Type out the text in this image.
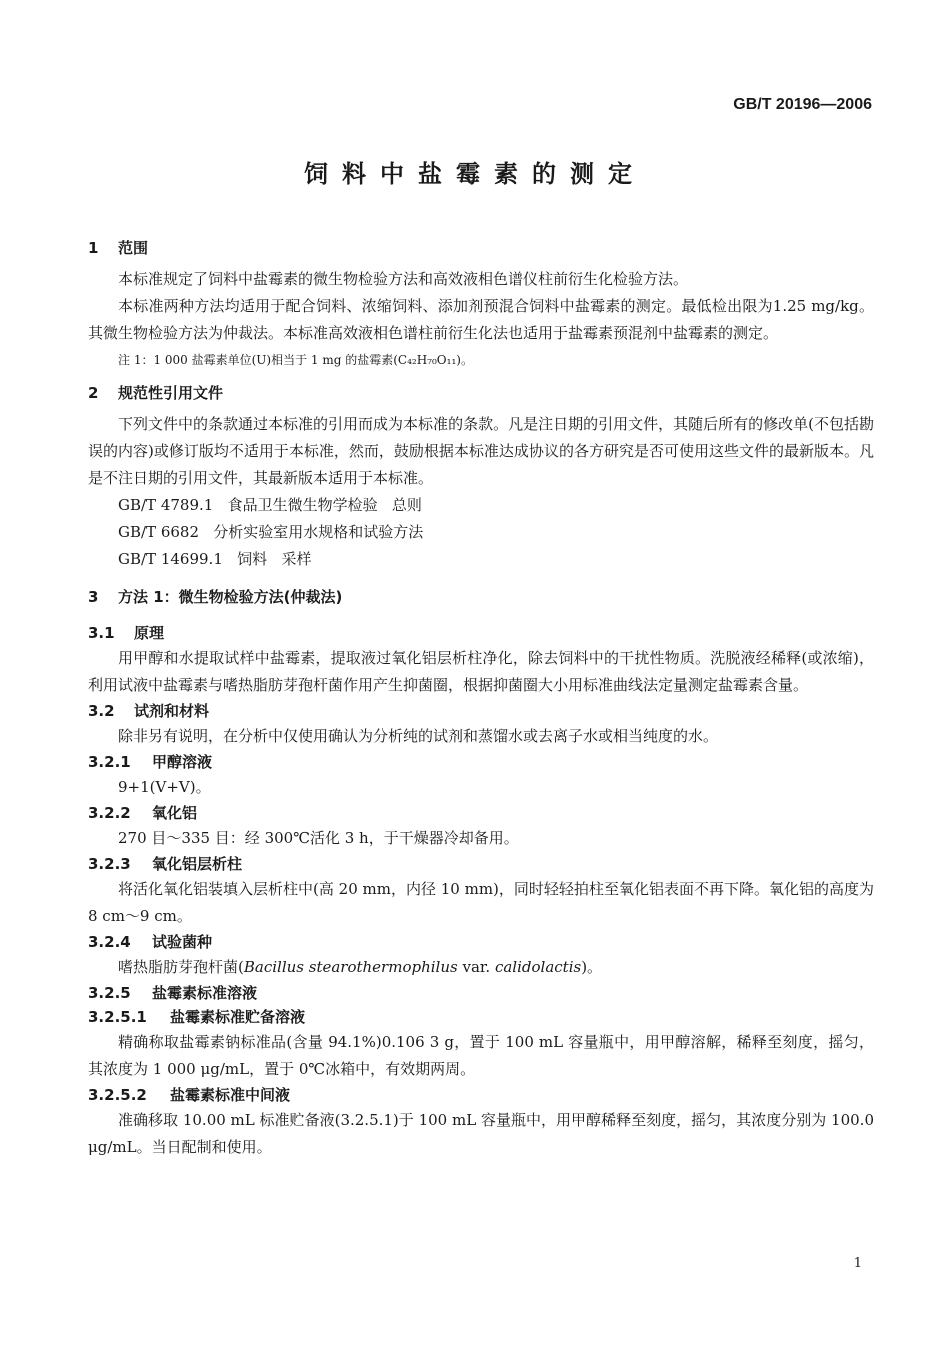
GB/T 20196—2006
饲料中盐霉素的测定
1 范围

本标准规定了饲料中盐霉素的微生物检验方法和高效液相色谱仪柱前衍生化检验方法。

本标准两种方法均适用于配合饲料、浓缩饲料、添加剂预混合饲料中盐霉素的测定。最低检出限为1.25 mg/kg。其微生物检验方法为仲裁法。本标准高效液相色谱柱前衍生化法也适用于盐霉素预混剂中盐霉素的测定。

注 1：1 000 盐霉素单位(U)相当于 1 mg 的盐霉素(C₄₂H₇₀O₁₁)。
2 规范性引用文件

下列文件中的条款通过本标准的引用而成为本标准的条款。凡是注日期的引用文件，其随后所有的修改单(不包括勘误的内容)或修订版均不适用于本标准，然而，鼓励根据本标准达成协议的各方研究是否可使用这些文件的最新版本。凡是不注日期的引用文件，其最新版本适用于本标准。

GB/T 4789.1   食品卫生微生物学检验   总则

GB/T 6682   分析实验室用水规格和试验方法

GB/T 14699.1   饲料   采样

3 方法 1：微生物检验方法(仲裁法)
3.1 原理

用甲醇和水提取试样中盐霉素，提取液过氧化铝层析柱净化，除去饲料中的干扰性物质。洗脱液经稀释(或浓缩)，利用试液中盐霉素与嗜热脂肪芽孢杆菌作用产生抑菌圈，根据抑菌圈大小用标准曲线法定量测定盐霉素含量。

3.2 试剂和材料

除非另有说明，在分析中仅使用确认为分析纯的试剂和蒸馏水或去离子水或相当纯度的水。

3.2.1 甲醇溶液

9+1(V+V)。

3.2.2 氧化铝

270 目～335 目：经 300℃活化 3 h，于干燥器冷却备用。

3.2.3 氧化铝层析柱

将活化氧化铝装填入层析柱中(高 20 mm，内径 10 mm)，同时轻轻拍柱至氧化铝表面不再下降。氧化铝的高度为 8 cm～9 cm。

3.2.4 试验菌种

嗜热脂肪芽孢杆菌(Bacillus stearothermophilus var. calidolactis)。

3.2.5 盐霉素标准溶液
3.2.5.1 盐霉素标准贮备溶液

精确称取盐霉素钠标准品(含量 94.1%)0.106 3 g，置于 100 mL 容量瓶中，用甲醇溶解，稀释至刻度，摇匀，其浓度为 1 000 μg/mL，置于 0℃冰箱中，有效期两周。

3.2.5.2 盐霉素标准中间液

准确移取 10.00 mL 标准贮备液(3.2.5.1)于 100 mL 容量瓶中，用甲醇稀释至刻度，摇匀，其浓度分别为 100.0 μg/mL。当日配制和使用。

1
